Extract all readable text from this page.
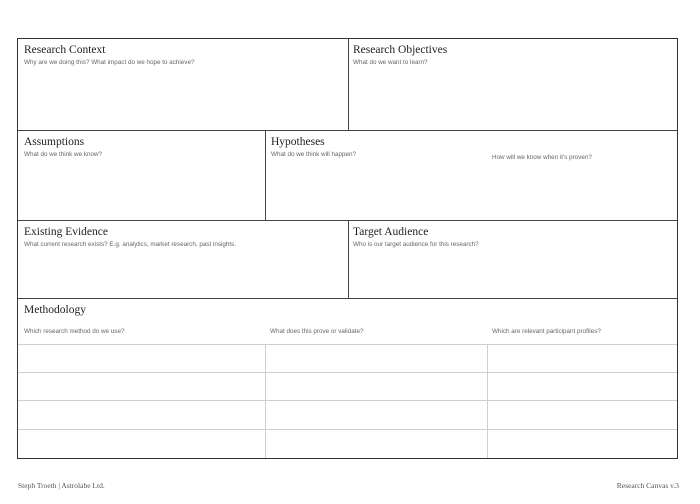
Research Context
Why are we doing this? What impact do we hope to achieve?
Research Objectives
What do we want to learn?
Assumptions
What do we think we know?
Hypotheses
What do we think will happen?	How will we know when it's proven?
Existing Evidence
What current research exists? E.g. analytics, market research, past insights.
Target Audience
Who is our target audience for this research?
Methodology
Which research method do we use?	What does this prove or validate?	Which are relevant participant profiles?
Steph Troeth | Astrolabe Ltd.	Research Canvas v.3
